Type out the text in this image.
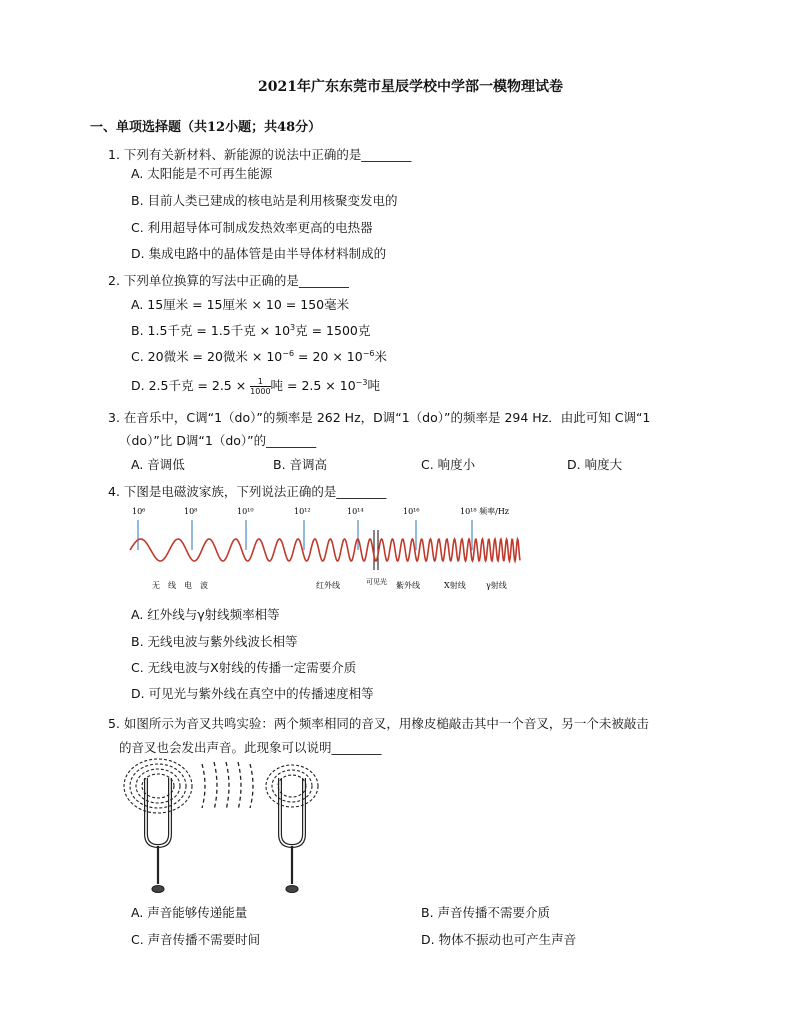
2021年广东东莞市星辰学校中学部一模物理试卷
一、单项选择题（共12小题；共48分）
1. 下列有关新材料、新能源的说法中正确的是________
A. 太阳能是不可再生能源
B. 目前人类已建成的核电站是利用核聚变发电的
C. 利用超导体可制成发热效率更高的电热器
D. 集成电路中的晶体管是由半导体材料制成的
2. 下列单位换算的写法中正确的是________
A. 15厘米 = 15厘米 × 10 = 150毫米
B. 1.5千克 = 1.5千克 × $10^3$克 = 1500克
C. 20微米 = 20微米 × $10^{-6} = 20 \times 10^{-6}$米
D. 2.5千克 = $2.5 \times \frac{1}{1000}$ 吨 = $2.5 \times 10^{-3}$吨
3. 在音乐中，C调“1（do）”的频率是 262 Hz，D调“1（do）”的频率是 294 Hz．由此可知 C调“1
（do）”比 D调“1（do）”的________
A. 音调低	B. 音调高	C. 响度小	D. 响度大
4. 下图是电磁波家族，下列说法正确的是________
10⁶	10⁸	10¹⁰	10¹²	10¹⁴	10¹⁶	10¹⁸ 频率/Hz
无　线　电　波	红外线	可见光 紫外线	X射线	γ射线
A. 红外线与γ射线频率相等
B. 无线电波与紫外线波长相等
C. 无线电波与X射线的传播一定需要介质
D. 可见光与紫外线在真空中的传播速度相等
5. 如图所示为音叉共鸣实验：两个频率相同的音叉，用橡皮槌敲击其中一个音叉，另一个未被敲击
的音叉也会发出声音。此现象可以说明________
A. 声音能够传递能量	B. 声音传播不需要介质
C. 声音传播不需要时间	D. 物体不振动也可产生声音
